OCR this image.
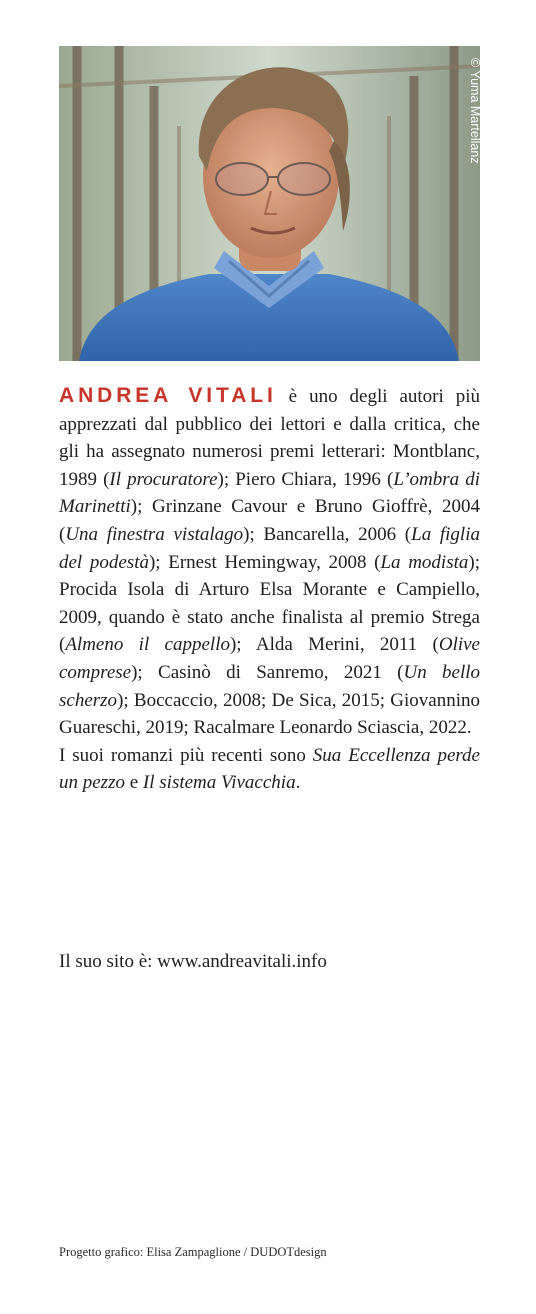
© Yuma Martellanz

ANDREA VITALI è uno degli autori più apprezzati dal pubblico dei lettori e dalla critica, che gli ha assegnato numerosi premi letterari: Montblanc, 1989 (Il procuratore); Piero Chiara, 1996 (L’ombra di Marinetti); Grinzane Cavour e Bruno Gioffrè, 2004 (Una finestra vistalago); Bancarella, 2006 (La figlia del podestà); Ernest Hemingway, 2008 (La modista); Procida Isola di Arturo Elsa Morante e Campiello, 2009, quando è stato anche finalista al premio Strega (Almeno il cappello); Alda Merini, 2011 (Olive comprese); Casinò di Sanremo, 2021 (Un bello scherzo); Boccaccio, 2008; De Sica, 2015; Giovannino Guareschi, 2019; Racalmare Leonardo Sciascia, 2022.

I suoi romanzi più recenti sono Sua Eccellenza perde un pezzo e Il sistema Vivacchia.

Il suo sito è: www.andreavitali.info
Progetto grafico: Elisa Zampaglione / DUDOTdesign
